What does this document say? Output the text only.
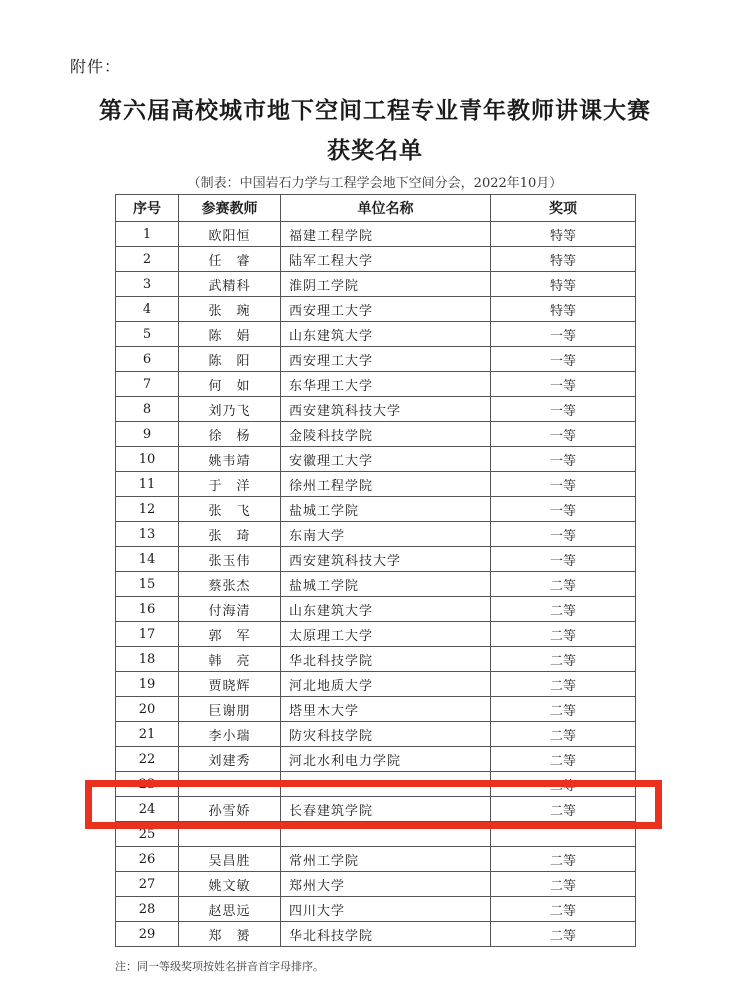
附件：
第六届高校城市地下空间工程专业青年教师讲课大赛
获奖名单
（制表：中国岩石力学与工程学会地下空间分会，2022年10月）
序号	参赛教师	单位名称	奖项
1	欧阳恒	福建工程学院	特等
2	任　睿	陆军工程大学	特等
3	武精科	淮阴工学院	特等
4	张　琬	西安理工大学	特等
5	陈　娟	山东建筑大学	一等
6	陈　阳	西安理工大学	一等
7	何　如	东华理工大学	一等
8	刘乃飞	西安建筑科技大学	一等
9	徐　杨	金陵科技学院	一等
10	姚韦靖	安徽理工大学	一等
11	于　洋	徐州工程学院	一等
12	张　飞	盐城工学院	一等
13	张　琦	东南大学	一等
14	张玉伟	西安建筑科技大学	一等
15	蔡张杰	盐城工学院	二等
16	付海清	山东建筑大学	二等
17	郭　军	太原理工大学	二等
18	韩　亮	华北科技学院	二等
19	贾晓辉	河北地质大学	二等
20	巨谢朋	塔里木大学	二等
21	李小瑞	防灾科技学院	二等
22	刘建秀	河北水利电力学院	二等
23			二等
24	孙雪娇	长春建筑学院	二等
25			
26	吴昌胜	常州工学院	二等
27	姚文敏	郑州大学	二等
28	赵思远	四川大学	二等
29	郑　赟	华北科技学院	二等
注：同一等级奖项按姓名拼音首字母排序。
